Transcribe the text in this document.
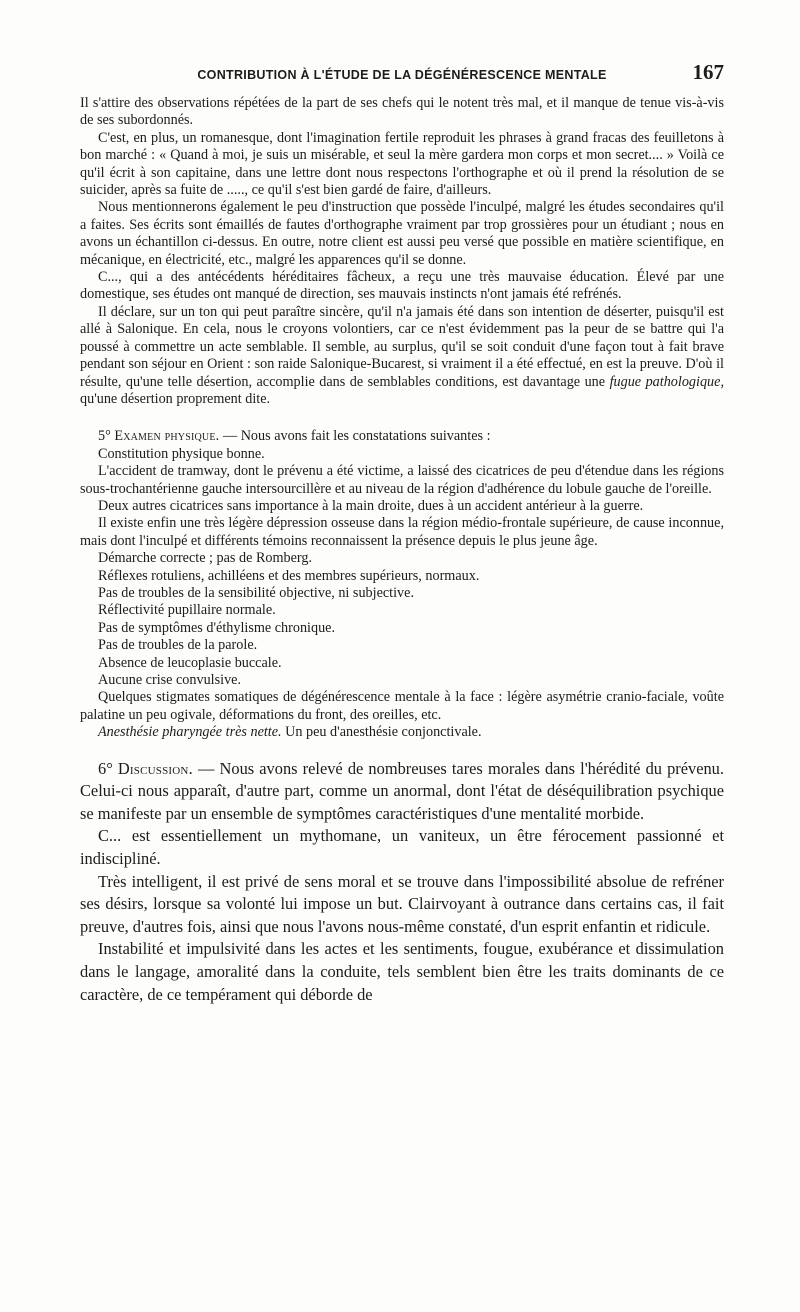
CONTRIBUTION À L'ÉTUDE DE LA DÉGÉNÉRESCENCE MENTALE	167

Il s'attire des observations répétées de la part de ses chefs qui le notent très mal, et il manque de tenue vis-à-vis de ses subordonnés.

C'est, en plus, un romanesque, dont l'imagination fertile reproduit les phrases à grand fracas des feuilletons à bon marché : « Quand à moi, je suis un misérable, et seul la mère gardera mon corps et mon secret.... » Voilà ce qu'il écrit à son capitaine, dans une lettre dont nous respectons l'orthographe et où il prend la résolution de se suicider, après sa fuite de ....., ce qu'il s'est bien gardé de faire, d'ailleurs.

Nous mentionnerons également le peu d'instruction que possède l'inculpé, malgré les études secondaires qu'il a faites. Ses écrits sont émaillés de fautes d'orthographe vraiment par trop grossières pour un étudiant ; nous en avons un échantillon ci-dessus. En outre, notre client est aussi peu versé que possible en matière scientifique, en mécanique, en électricité, etc., malgré les apparences qu'il se donne.

C..., qui a des antécédents héréditaires fâcheux, a reçu une très mauvaise éducation. Élevé par une domestique, ses études ont manqué de direction, ses mauvais instincts n'ont jamais été refrénés.

Il déclare, sur un ton qui peut paraître sincère, qu'il n'a jamais été dans son intention de déserter, puisqu'il est allé à Salonique. En cela, nous le croyons volontiers, car ce n'est évidemment pas la peur de se battre qui l'a poussé à commettre un acte semblable. Il semble, au surplus, qu'il se soit conduit d'une façon tout à fait brave pendant son séjour en Orient : son raide Salonique-Bucarest, si vraiment il a été effectué, en est la preuve. D'où il résulte, qu'une telle désertion, accomplie dans de semblables conditions, est davantage une fugue pathologique, qu'une désertion proprement dite.

5° Examen physique. — Nous avons fait les constatations suivantes :

Constitution physique bonne.

L'accident de tramway, dont le prévenu a été victime, a laissé des cicatrices de peu d'étendue dans les régions sous-trochantérienne gauche intersourcillère et au niveau de la région d'adhérence du lobule gauche de l'oreille.

Deux autres cicatrices sans importance à la main droite, dues à un accident antérieur à la guerre.

Il existe enfin une très légère dépression osseuse dans la région médio-frontale supérieure, de cause inconnue, mais dont l'inculpé et différents témoins reconnaissent la présence depuis le plus jeune âge.

Démarche correcte ; pas de Romberg.

Réflexes rotuliens, achilléens et des membres supérieurs, normaux.

Pas de troubles de la sensibilité objective, ni subjective.

Réflectivité pupillaire normale.

Pas de symptômes d'éthylisme chronique.

Pas de troubles de la parole.

Absence de leucoplasie buccale.

Aucune crise convulsive.

Quelques stigmates somatiques de dégénérescence mentale à la face : légère asymétrie cranio-faciale, voûte palatine un peu ogivale, déformations du front, des oreilles, etc.

Anesthésie pharyngée très nette. Un peu d'anesthésie conjonctivale.

6° Discussion. — Nous avons relevé de nombreuses tares morales dans l'hérédité du prévenu. Celui-ci nous apparaît, d'autre part, comme un anormal, dont l'état de déséquilibration psychique se manifeste par un ensemble de symptômes caractéristiques d'une mentalité morbide.

C... est essentiellement un mythomane, un vaniteux, un être férocement passionné et indiscipliné.

Très intelligent, il est privé de sens moral et se trouve dans l'impossibilité absolue de refréner ses désirs, lorsque sa volonté lui impose un but. Clairvoyant à outrance dans certains cas, il fait preuve, d'autres fois, ainsi que nous l'avons nous-même constaté, d'un esprit enfantin et ridicule.

Instabilité et impulsivité dans les actes et les sentiments, fougue, exubérance et dissimulation dans le langage, amoralité dans la conduite, tels semblent bien être les traits dominants de ce caractère, de ce tempérament qui déborde de
